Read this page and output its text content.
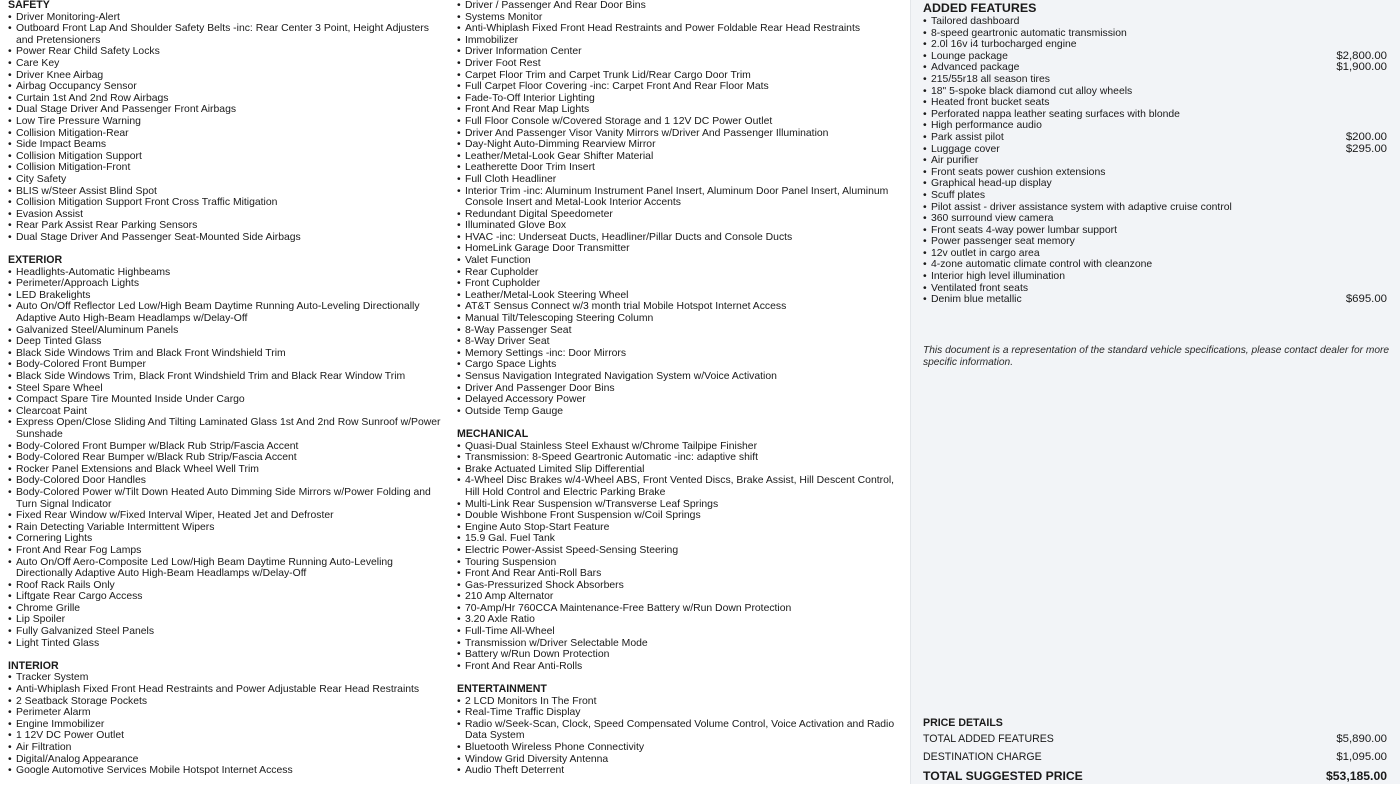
SAFETY
• Driver Monitoring-Alert
• Outboard Front Lap And Shoulder Safety Belts -inc: Rear Center 3 Point, Height Adjusters and Pretensioners
• Power Rear Child Safety Locks
• Care Key
• Driver Knee Airbag
• Airbag Occupancy Sensor
• Curtain 1st And 2nd Row Airbags
• Dual Stage Driver And Passenger Front Airbags
• Low Tire Pressure Warning
• Collision Mitigation-Rear
• Side Impact Beams
• Collision Mitigation Support
• Collision Mitigation-Front
• City Safety
• BLIS w/Steer Assist Blind Spot
• Collision Mitigation Support Front Cross Traffic Mitigation
• Evasion Assist
• Rear Park Assist Rear Parking Sensors
• Dual Stage Driver And Passenger Seat-Mounted Side Airbags
EXTERIOR
• Headlights-Automatic Highbeams
• Perimeter/Approach Lights
• LED Brakelights
• Auto On/Off Reflector Led Low/High Beam Daytime Running Auto-Leveling Directionally Adaptive Auto High-Beam Headlamps w/Delay-Off
• Galvanized Steel/Aluminum Panels
• Deep Tinted Glass
• Black Side Windows Trim and Black Front Windshield Trim
• Body-Colored Front Bumper
• Black Side Windows Trim, Black Front Windshield Trim and Black Rear Window Trim
• Steel Spare Wheel
• Compact Spare Tire Mounted Inside Under Cargo
• Clearcoat Paint
• Express Open/Close Sliding And Tilting Laminated Glass 1st And 2nd Row Sunroof w/Power Sunshade
• Body-Colored Front Bumper w/Black Rub Strip/Fascia Accent
• Body-Colored Rear Bumper w/Black Rub Strip/Fascia Accent
• Rocker Panel Extensions and Black Wheel Well Trim
• Body-Colored Door Handles
• Body-Colored Power w/Tilt Down Heated Auto Dimming Side Mirrors w/Power Folding and Turn Signal Indicator
• Fixed Rear Window w/Fixed Interval Wiper, Heated Jet and Defroster
• Rain Detecting Variable Intermittent Wipers
• Cornering Lights
• Front And Rear Fog Lamps
• Auto On/Off Aero-Composite Led Low/High Beam Daytime Running Auto-Leveling Directionally Adaptive Auto High-Beam Headlamps w/Delay-Off
• Roof Rack Rails Only
• Liftgate Rear Cargo Access
• Chrome Grille
• Lip Spoiler
• Fully Galvanized Steel Panels
• Light Tinted Glass
INTERIOR
• Tracker System
• Anti-Whiplash Fixed Front Head Restraints and Power Adjustable Rear Head Restraints
• 2 Seatback Storage Pockets
• Perimeter Alarm
• Engine Immobilizer
• 1 12V DC Power Outlet
• Air Filtration
• Digital/Analog Appearance
• Google Automotive Services Mobile Hotspot Internet Access
• Driver / Passenger And Rear Door Bins
• Systems Monitor
• Anti-Whiplash Fixed Front Head Restraints and Power Foldable Rear Head Restraints
• Immobilizer
• Driver Information Center
• Driver Foot Rest
• Carpet Floor Trim and Carpet Trunk Lid/Rear Cargo Door Trim
• Full Carpet Floor Covering -inc: Carpet Front And Rear Floor Mats
• Fade-To-Off Interior Lighting
• Front And Rear Map Lights
• Full Floor Console w/Covered Storage and 1 12V DC Power Outlet
• Driver And Passenger Visor Vanity Mirrors w/Driver And Passenger Illumination
• Day-Night Auto-Dimming Rearview Mirror
• Leather/Metal-Look Gear Shifter Material
• Leatherette Door Trim Insert
• Full Cloth Headliner
• Interior Trim -inc: Aluminum Instrument Panel Insert, Aluminum Door Panel Insert, Aluminum Console Insert and Metal-Look Interior Accents
• Redundant Digital Speedometer
• Illuminated Glove Box
• HVAC -inc: Underseat Ducts, Headliner/Pillar Ducts and Console Ducts
• HomeLink Garage Door Transmitter
• Valet Function
• Rear Cupholder
• Front Cupholder
• Leather/Metal-Look Steering Wheel
• AT&T Sensus Connect w/3 month trial Mobile Hotspot Internet Access
• Manual Tilt/Telescoping Steering Column
• 8-Way Passenger Seat
• 8-Way Driver Seat
• Memory Settings -inc: Door Mirrors
• Cargo Space Lights
• Sensus Navigation Integrated Navigation System w/Voice Activation
• Driver And Passenger Door Bins
• Delayed Accessory Power
• Outside Temp Gauge
MECHANICAL
• Quasi-Dual Stainless Steel Exhaust w/Chrome Tailpipe Finisher
• Transmission: 8-Speed Geartronic Automatic -inc: adaptive shift
• Brake Actuated Limited Slip Differential
• 4-Wheel Disc Brakes w/4-Wheel ABS, Front Vented Discs, Brake Assist, Hill Descent Control, Hill Hold Control and Electric Parking Brake
• Multi-Link Rear Suspension w/Transverse Leaf Springs
• Double Wishbone Front Suspension w/Coil Springs
• Engine Auto Stop-Start Feature
• 15.9 Gal. Fuel Tank
• Electric Power-Assist Speed-Sensing Steering
• Touring Suspension
• Front And Rear Anti-Roll Bars
• Gas-Pressurized Shock Absorbers
• 210 Amp Alternator
• 70-Amp/Hr 760CCA Maintenance-Free Battery w/Run Down Protection
• 3.20 Axle Ratio
• Full-Time All-Wheel
• Transmission w/Driver Selectable Mode
• Battery w/Run Down Protection
• Front And Rear Anti-Rolls
ENTERTAINMENT
• 2 LCD Monitors In The Front
• Real-Time Traffic Display
• Radio w/Seek-Scan, Clock, Speed Compensated Volume Control, Voice Activation and Radio Data System
• Bluetooth Wireless Phone Connectivity
• Window Grid Diversity Antenna
• Audio Theft Deterrent
ADDED FEATURES
• Tailored dashboard
• 8-speed geartronic automatic transmission
• 2.0l 16v i4 turbocharged engine
• Lounge package	$2,800.00
• Advanced package	$1,900.00
• 215/55r18 all season tires
• 18" 5-spoke black diamond cut alloy wheels
• Heated front bucket seats
• Perforated nappa leather seating surfaces with blonde
• High performance audio
• Park assist pilot	$200.00
• Luggage cover	$295.00
• Air purifier
• Front seats power cushion extensions
• Graphical head-up display
• Scuff plates
• Pilot assist - driver assistance system with adaptive cruise control
• 360 surround view camera
• Front seats 4-way power lumbar support
• Power passenger seat memory
• 12v outlet in cargo area
• 4-zone automatic climate control with cleanzone
• Interior high level illumination
• Ventilated front seats
• Denim blue metallic	$695.00
This document is a representation of the standard vehicle specifications, please contact dealer for more specific information.
PRICE DETAILS
TOTAL ADDED FEATURES	$5,890.00
DESTINATION CHARGE	$1,095.00
TOTAL SUGGESTED PRICE	$53,185.00
